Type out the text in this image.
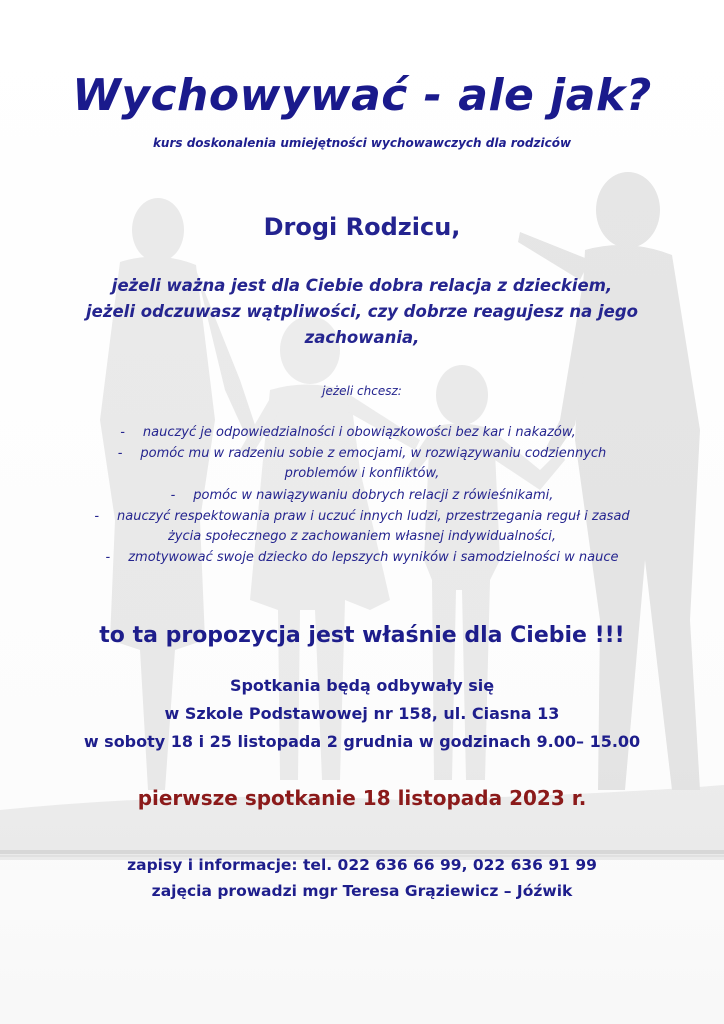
Wychowywać - ale jak?
kurs doskonalenia umiejętności wychowawczych dla rodziców
Drogi Rodzicu,
jeżeli ważna jest dla Ciebie dobra relacja z dzieckiem,
jeżeli odczuwasz wątpliwości, czy dobrze reagujesz na jego
zachowania,
jeżeli chcesz:
- nauczyć je odpowiedzialności i obowiązkowości bez kar i nakazów,
- pomóc mu w radzeniu sobie z emocjami, w rozwiązywaniu codziennych
problemów i konfliktów,
- pomóc w nawiązywaniu dobrych relacji z rówieśnikami,
- nauczyć respektowania praw i uczuć innych ludzi, przestrzegania reguł i zasad
życia społecznego z zachowaniem własnej indywidualności,
- zmotywować swoje dziecko do lepszych wyników i samodzielności w nauce
to ta propozycja jest właśnie dla Ciebie !!!
Spotkania będą odbywały się
w Szkole Podstawowej nr 158, ul. Ciasna 13
w soboty 18 i 25 listopada 2 grudnia w godzinach 9.00– 15.00
pierwsze spotkanie 18 listopada 2023 r.
zapisy i informacje: tel. 022 636 66 99, 022 636 91 99
zajęcia prowadzi mgr Teresa Grąziewicz – Jóźwik
